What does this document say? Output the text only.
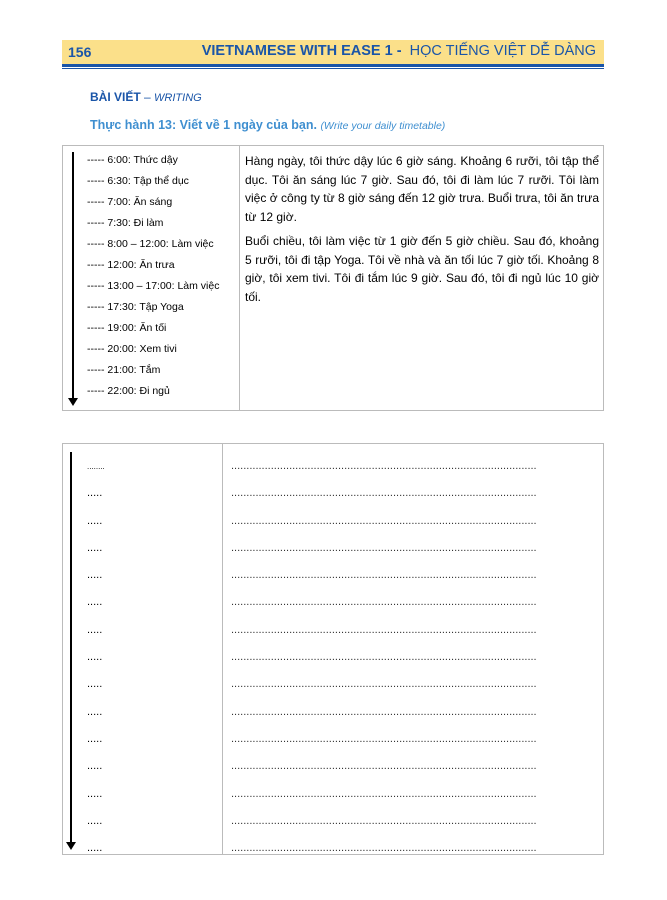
156	VIETNAMESE WITH EASE 1 - HỌC TIẾNG VIỆT DỄ DÀNG
BÀI VIẾT – WRITING
Thực hành 13: Viết về 1 ngày của bạn. (Write your daily timetable)
----- 6:00: Thức dậy
----- 6:30: Tập thể dục
----- 7:00: Ăn sáng
----- 7:30: Đi làm
----- 8:00 – 12:00: Làm việc
----- 12:00: Ăn trưa
----- 13:00 – 17:00: Làm việc
----- 17:30: Tập Yoga
----- 19:00: Ăn tối
----- 20:00: Xem tivi
----- 21:00: Tắm
----- 22:00: Đi ngủ

Hàng ngày, tôi thức dậy lúc 6 giờ sáng. Khoảng 6 rưỡi, tôi tập thể dục. Tôi ăn sáng lúc 7 giờ. Sau đó, tôi đi làm lúc 7 rưỡi. Tôi làm việc ở công ty từ 8 giờ sáng đến 12 giờ trưa. Buổi trưa, tôi ăn trưa từ 12 giờ.

Buổi chiều, tôi làm việc từ 1 giờ đến 5 giờ chiều. Sau đó, khoảng 5 rưỡi, tôi đi tập Yoga. Tôi về nhà và ăn tối lúc 7 giờ tối. Khoảng 8 giờ, tôi xem tivi. Tôi đi tắm lúc 9 giờ. Sau đó, tôi đi ngủ lúc 10 giờ tối.

........	....................................................................................................
.....	....................................................................................................
.....	....................................................................................................
.....	....................................................................................................
.....	....................................................................................................
.....	....................................................................................................
.....	....................................................................................................
.....	....................................................................................................
.....	....................................................................................................
.....	....................................................................................................
.....	....................................................................................................
.....	....................................................................................................
.....	....................................................................................................
.....	....................................................................................................
.....	....................................................................................................
